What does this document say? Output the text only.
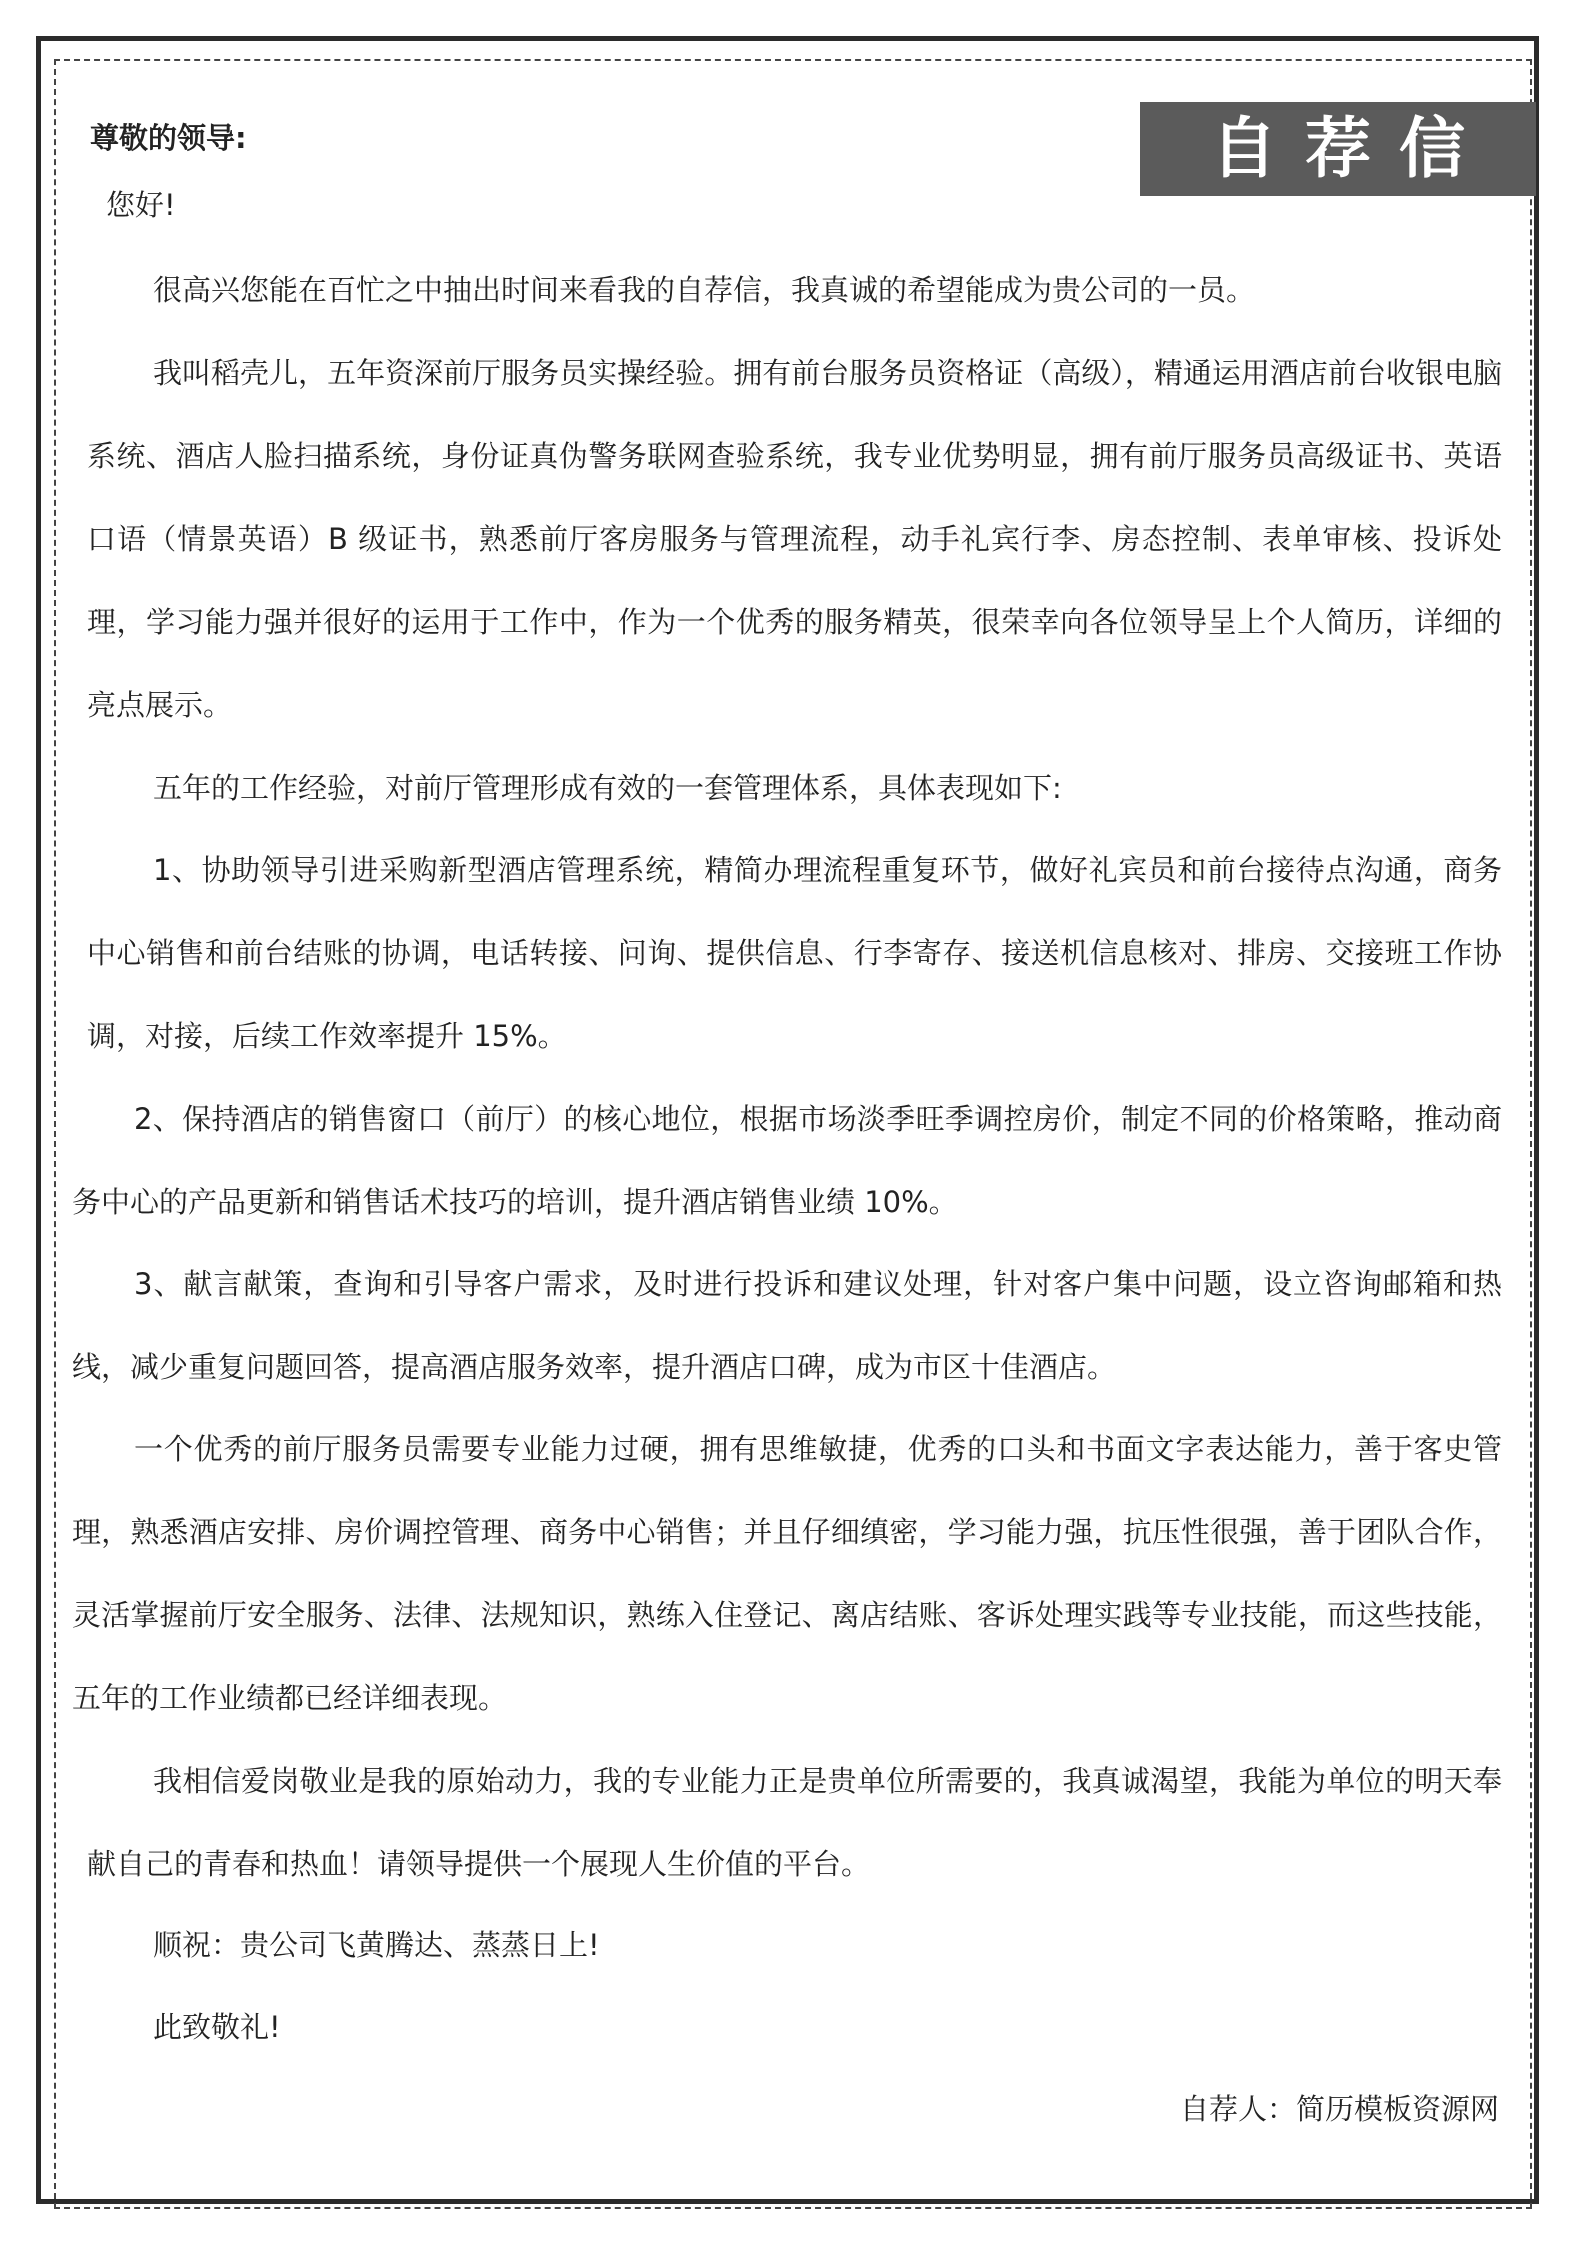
自荐信
尊敬的领导:
您好!
很高兴您能在百忙之中抽出时间来看我的自荐信，我真诚的希望能成为贵公司的一员。
我叫稻壳儿，五年资深前厅服务员实操经验。拥有前台服务员资格证（高级），精通运用酒店前台收银电脑系统、酒店人脸扫描系统，身份证真伪警务联网查验系统，我专业优势明显，拥有前厅服务员高级证书、英语口语（情景英语）B 级证书，熟悉前厅客房服务与管理流程，动手礼宾行李、房态控制、表单审核、投诉处理，学习能力强并很好的运用于工作中，作为一个优秀的服务精英，很荣幸向各位领导呈上个人简历，详细的亮点展示。
五年的工作经验，对前厅管理形成有效的一套管理体系，具体表现如下:
1、协助领导引进采购新型酒店管理系统，精简办理流程重复环节，做好礼宾员和前台接待点沟通，商务中心销售和前台结账的协调，电话转接、问询、提供信息、行李寄存、接送机信息核对、排房、交接班工作协调，对接，后续工作效率提升 15%。
2、保持酒店的销售窗口（前厅）的核心地位，根据市场淡季旺季调控房价，制定不同的价格策略，推动商务中心的产品更新和销售话术技巧的培训，提升酒店销售业绩 10%。
3、献言献策，查询和引导客户需求，及时进行投诉和建议处理，针对客户集中问题，设立咨询邮箱和热线，减少重复问题回答，提高酒店服务效率，提升酒店口碑，成为市区十佳酒店。
一个优秀的前厅服务员需要专业能力过硬，拥有思维敏捷，优秀的口头和书面文字表达能力，善于客史管理，熟悉酒店安排、房价调控管理、商务中心销售；并且仔细缜密，学习能力强，抗压性很强，善于团队合作，灵活掌握前厅安全服务、法律、法规知识，熟练入住登记、离店结账、客诉处理实践等专业技能，而这些技能，五年的工作业绩都已经详细表现。
我相信爱岗敬业是我的原始动力，我的专业能力正是贵单位所需要的，我真诚渴望，我能为单位的明天奉献自己的青春和热血！请领导提供一个展现人生价值的平台。
顺祝：贵公司飞黄腾达、蒸蒸日上!
此致敬礼!
自荐人：简历模板资源网
